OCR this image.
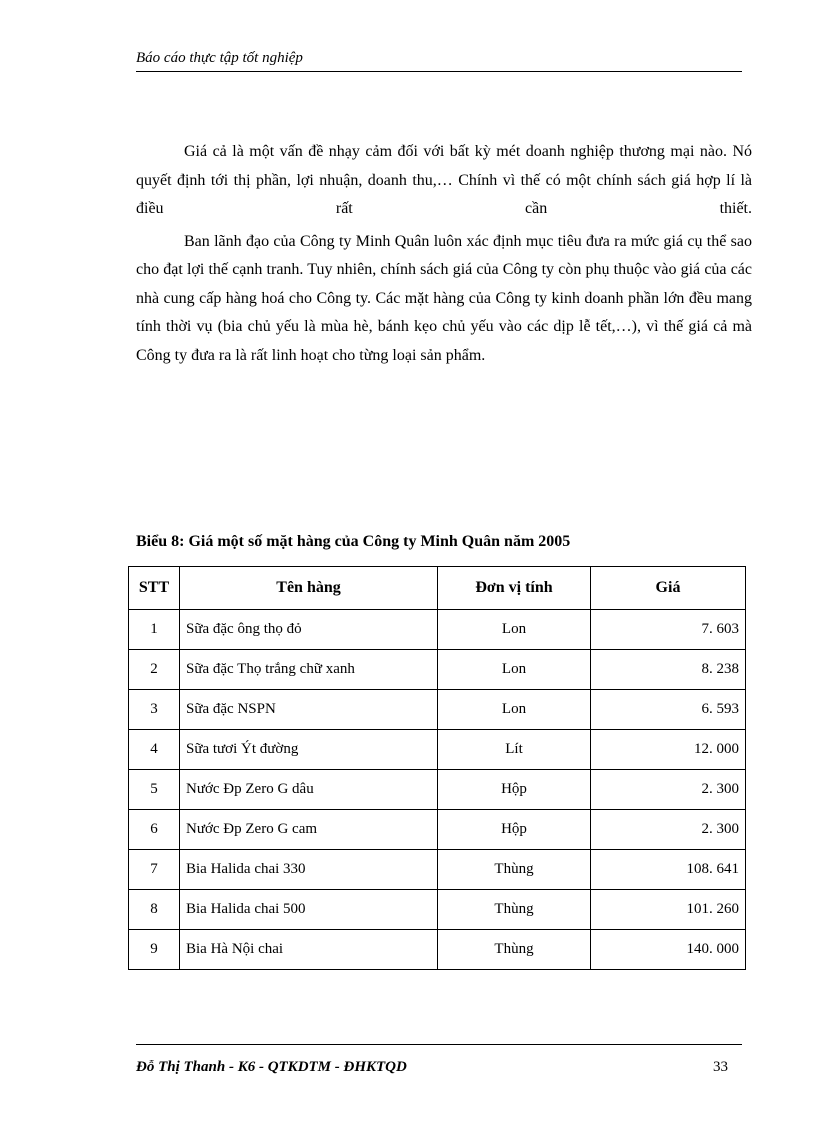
Báo cáo thực tập tốt nghiệp

Giá cả là một vấn đề nhạy cảm đối với bất kỳ mét doanh nghiệp thương mại nào. Nó quyết định tới thị phần, lợi nhuận, doanh thu,… Chính vì thế có một chính sách giá hợp lí là điều rất cần thiết.

Ban lãnh đạo của Công ty Minh Quân luôn xác định mục tiêu đưa ra mức giá cụ thể sao cho đạt lợi thế cạnh tranh. Tuy nhiên, chính sách giá của Công ty còn phụ thuộc vào giá của các nhà cung cấp hàng hoá cho Công ty. Các mặt hàng của Công ty kinh doanh phần lớn đều mang tính thời vụ (bia chủ yếu là mùa hè, bánh kẹo chủ yếu vào các dịp lễ tết,…), vì thế giá cả mà Công ty đưa ra là rất linh hoạt cho từng loại sản phẩm.

Biểu 8: Giá một số mặt hàng của Công ty Minh Quân năm 2005
STT	Tên hàng	Đơn vị tính	Giá
1	Sữa đặc ông thọ đỏ	Lon	7. 603
2	Sữa đặc Thọ trắng chữ xanh	Lon	8. 238
3	Sữa đặc NSPN	Lon	6. 593
4	Sữa tươi Ýt đường	Lít	12. 000
5	Nước Đp Zero G dâu	Hộp	2. 300
6	Nước Đp Zero G cam	Hộp	2. 300
7	Bia Halida chai 330	Thùng	108. 641
8	Bia Halida chai 500	Thùng	101. 260
9	Bia Hà Nội chai	Thùng	140. 000
Đỗ Thị Thanh - K6 - QTKDTM - ĐHKTQD	33
